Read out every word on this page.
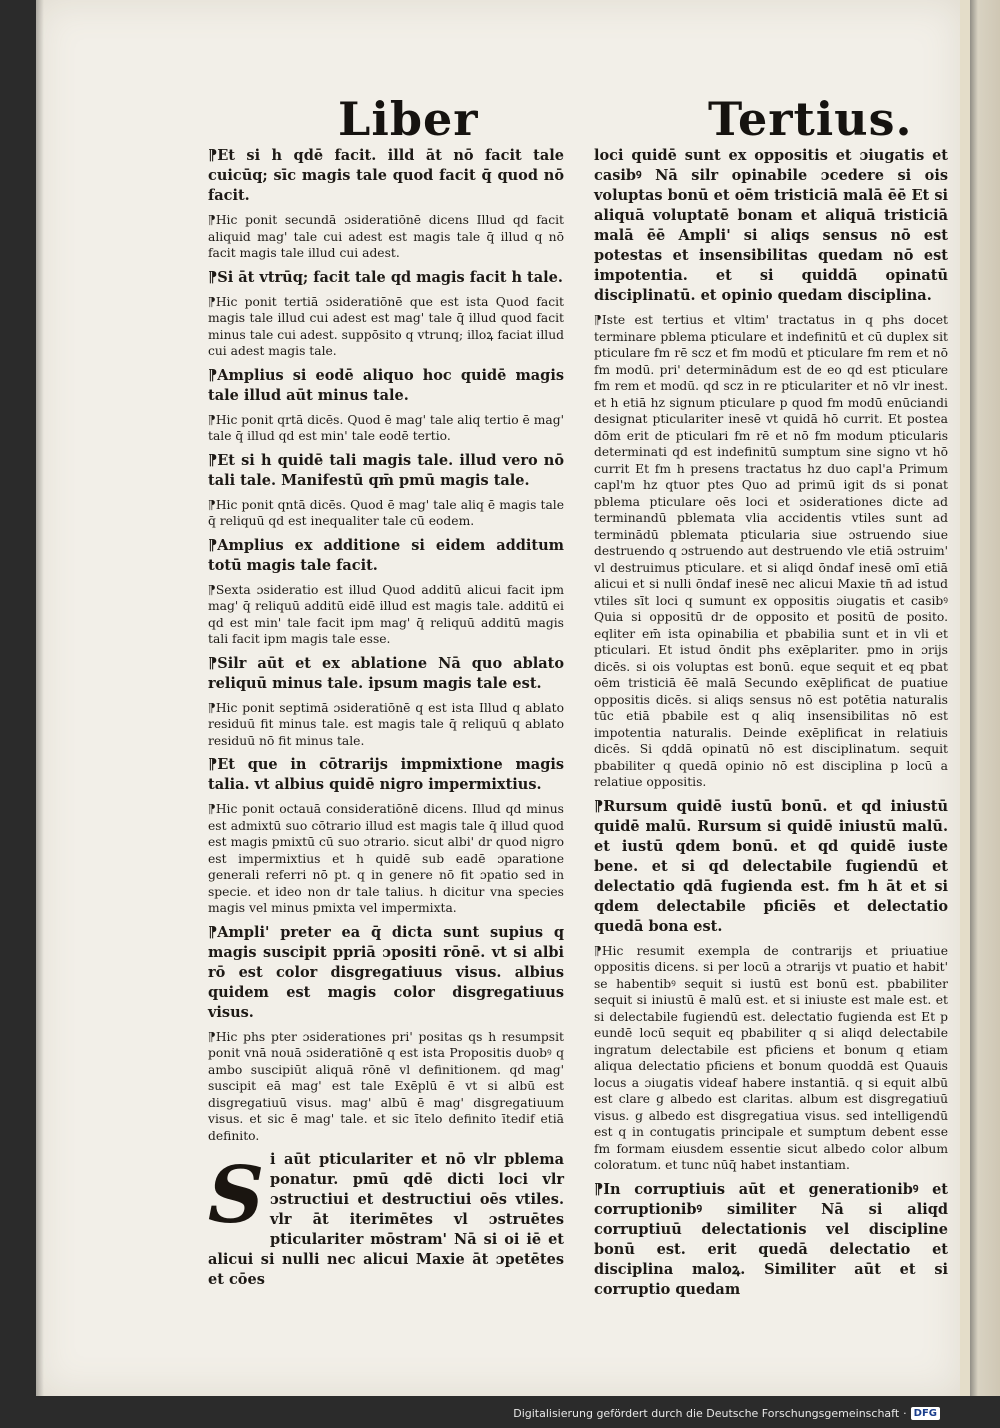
Liber	Tertius.

⁋Et si h qdē facit. illd āt nō facit tale cuicūq; sīc magis tale quod facit q̄ quod nō facit.

⁋Hic ponit secundā ɔsideratiōnē dicens Illud qd facit aliquid mag' tale cui adest est magis tale q̄ illud q nō facit magis tale illud cui adest.

⁋Si āt vtrūq; facit tale qd magis facit h tale.

⁋Hic ponit tertiā ɔsideratiōnē que est ista Quod facit magis tale illud cui adest est mag' tale q̄ illud quod facit minus tale cui adest. suppōsito q vtrunq; illoꝝ faciat illud cui adest magis tale.

⁋Amplius si eodē aliquo hoc quidē magis tale illud aūt minus tale.

⁋Hic ponit qrtā dicēs. Quod ē mag' tale aliq tertio ē mag' tale q̄ illud qd est min' tale eodē tertio.

⁋Et si h quidē tali magis tale. illud vero nō tali tale. Manifestū qm̄ pmū magis tale.

⁋Hic ponit qntā dicēs. Quod ē mag' tale aliq ē magis tale q̄ reliquū qd est inequaliter tale cū eodem.

⁋Amplius ex additione si eidem additum totū magis tale facit.

⁋Sexta ɔsideratio est illud Quod additū alicui facit ipm mag' q̄ reliquū additū eidē illud est magis tale. additū ei qd est min' tale facit ipm mag' q̄ reliquū additū magis tali facit ipm magis tale esse.

⁋Silr aūt et ex ablatione Nā quo ablato reliquū minus tale. ipsum magis tale est.

⁋Hic ponit septimā ɔsideratiōnē q est ista Illud q ablato residuū fit minus tale. est magis tale q̄ reliquū q ablato residuū nō fit minus tale.

⁋Et que in cōtrarijs impmixtione magis talia. vt albius quidē nigro impermixtius.

⁋Hic ponit octauā consideratiōnē dicens. Illud qd minus est admixtū suo cōtrario illud est magis tale q̄ illud quod est magis pmixtū cū suo ɔtrario. sicut albi' dr quod nigro est impermixtius et h quidē sub eadē ɔparatione generali referri nō pt. q in genere nō fit ɔpatio sed in specie. et ideo non dr tale talius. h dicitur vna species magis vel minus pmixta vel impermixta.

⁋Ampli' preter ea q̄ dicta sunt supius q magis suscipit ppriā ɔpositi rōnē. vt si albi rō est color disgregatiuus visus. albius quidem est magis color disgregatiuus visus.

⁋Hic phs pter ɔsiderationes pri' positas qs h resumpsit ponit vnā nouā ɔsideratiōnē q est ista Propositis duobꝰ q ambo suscipiūt aliquā rōnē vl definitionem. qd mag' suscipit eā mag' est tale Exēplū ē vt si albū est disgregatiuū visus. mag' albū ē mag' disgregatiuum visus. et sic ē mag' tale. et sic ītelo definito ītedif etiā definito.

S i aūt pticulariter et nō vlr pblema ponatur. pmū qdē dicti loci vlr ɔstructiui et destructiui oēs vtiles. vlr āt iterimētes vl ɔstruētes pticulariter mōstram' Nā si oi iē et alicui si nulli nec alicui Maxie āt ɔpetētes et cōes

loci quidē sunt ex oppositis et ɔiugatis et casibꝰ Nā silr opinabile ɔcedere si ois voluptas bonū et oēm tristiciā malā ēē Et si aliquā voluptatē bonam et aliquā tristiciā malā ēē Ampli' si aliqs sensus nō est potestas et insensibilitas quedam nō est impotentia. et si quiddā opinatū disciplinatū. et opinio quedam disciplina.

⁋Iste est tertius et vltim' tractatus in q phs docet terminare pblema pticulare et indefinitū et cū duplex sit pticulare fm rē scz et fm modū et pticulare fm rem et nō fm modū. pri' determinādum est de eo qd est pticulare fm rem et modū. qd scz in re pticulariter et nō vlr inest. et h etiā hz signum pticulare p quod fm modū enūciandi designat pticulariter inesē vt quidā hō currit. Et postea dōm erit de pticulari fm rē et nō fm modum pticularis determinati qd est indefinitū sumptum sine signo vt hō currit Et fm h presens tractatus hz duo capl'a Primum capl'm hz qtuor ptes Quo ad primū igit ds si ponat pblema pticulare oēs loci et ɔsiderationes dicte ad terminandū pblemata vlia accidentis vtiles sunt ad terminādū pblemata pticularia siue ɔstruendo siue destruendo q ɔstruendo aut destruendo vle etiā ɔstruim' vl destruimus pticulare. et si aliqd ōndaf inesē omī etiā alicui et si nulli ōndaf inesē nec alicui Maxie tn̄ ad istud vtiles sīt loci q sumunt ex oppositis ɔiugatis et casibꝰ Quia si oppositū dr de opposito et positū de posito. eqliter em̄ ista opinabilia et pbabilia sunt et in vli et pticulari. Et istud ōndit phs exēplariter. pmo in ɔrijs dicēs. si ois voluptas est bonū. eque sequit et eq pbat oēm tristiciā ēē malā Secundo exēplificat de puatiue oppositis dicēs. si aliqs sensus nō est potētia naturalis tūc etiā pbabile est q aliq insensibilitas nō est impotentia naturalis. Deinde exēplificat in relatiuis dicēs. Si qddā opinatū nō est disciplinatum. sequit pbabiliter q quedā opinio nō est disciplina p locū a relatiue oppositis.

⁋Rursum quidē iustū bonū. et qd iniustū quidē malū. Rursum si quidē iniustū malū. et iustū qdem bonū. et qd quidē iuste bene. et si qd delectabile fugiendū et delectatio qdā fugienda est. fm h āt et si qdem delectabile pficiēs et delectatio quedā bona est.

⁋Hic resumit exempla de contrarijs et priuatiue oppositis dicens. si per locū a ɔtrarijs vt puatio et habit' se habentibꝰ sequit si iustū est bonū est. pbabiliter sequit si iniustū ē malū est. et si iniuste est male est. et si delectabile fugiendū est. delectatio fugienda est Et p eundē locū sequit eq pbabiliter q si aliqd delectabile ingratum delectabile est pficiens et bonum q etiam aliqua delectatio pficiens et bonum quoddā est Quauis locus a ɔiugatis videaf habere instantiā. q si equit albū est clare g albedo est claritas. album est disgregatiuū visus. g albedo est disgregatiua visus. sed intelligendū est q in contugatis principale et sumptum debent esse fm formam eiusdem essentie sicut albedo color album coloratum. et tunc nūq̄ habet instantiam.

⁋In corruptiuis aūt et generationibꝰ et corruptionibꝰ similiter Nā si aliqd corruptiuū delectationis vel discipline bonū est. erit quedā delectatio et disciplina maloꝝ. Similiter aūt et si corruptio quedam

Digitalisierung gefördert durch die Deutsche Forschungsgemeinschaft · DFG
